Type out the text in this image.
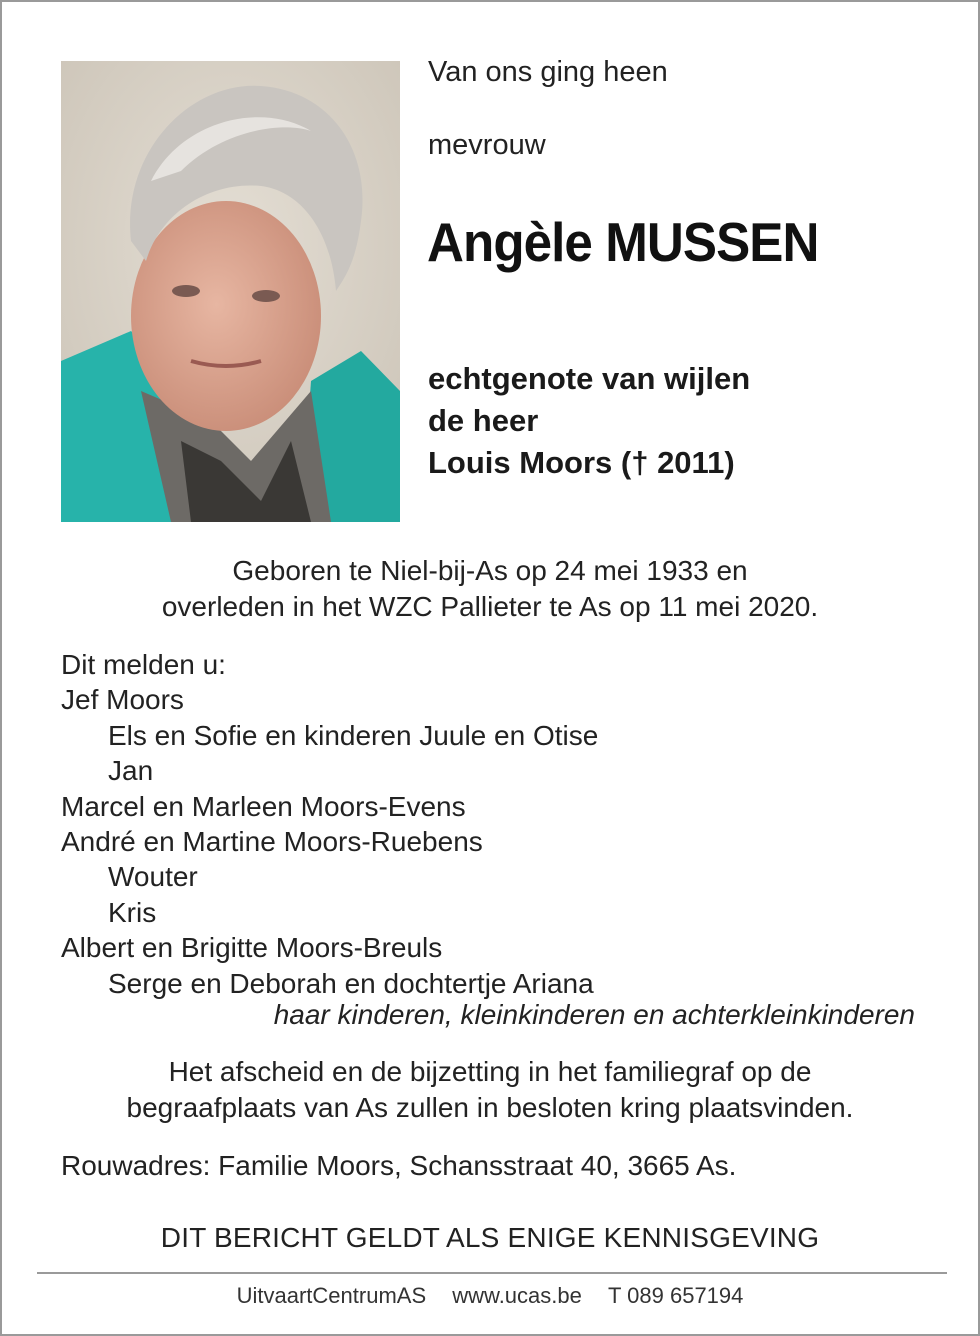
Van ons ging heen
mevrouw
Angèle MUSSEN
echtgenote van wijlen
de heer
Louis Moors († 2011)
Geboren te Niel-bij-As op 24 mei 1933 en
overleden in het WZC Pallieter te As op 11 mei 2020.
Dit melden u:
Jef Moors
Els en Sofie en kinderen Juule en Otise
Jan
Marcel en Marleen Moors-Evens
André en Martine Moors-Ruebens
Wouter
Kris
Albert en Brigitte Moors-Breuls
Serge en Deborah en dochtertje Ariana
haar kinderen, kleinkinderen en achterkleinkinderen
Het afscheid en de bijzetting in het familiegraf op de
begraafplaats van As zullen in besloten kring plaatsvinden.
Rouwadres: Familie Moors, Schansstraat 40, 3665 As.
DIT BERICHT GELDT ALS ENIGE KENNISGEVING
UitvaartCentrumAS www.ucas.be T 089 657194
